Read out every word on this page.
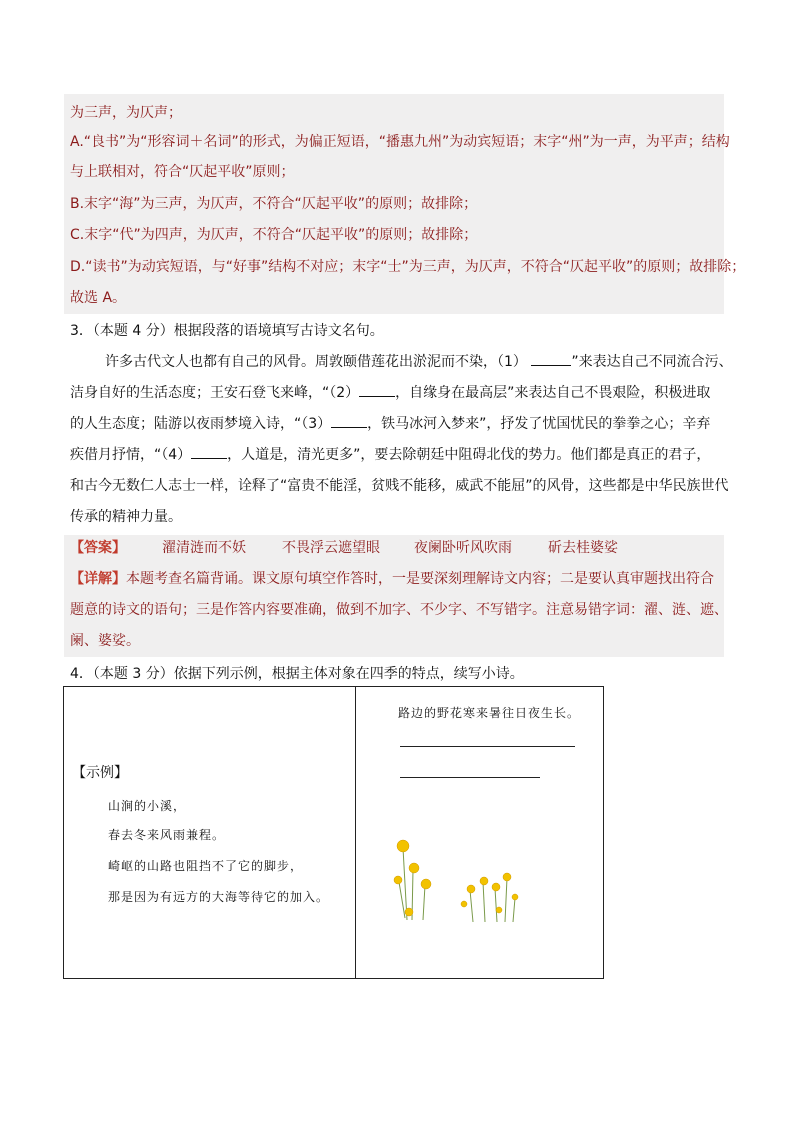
为三声，为仄声；
A.“良书”为“形容词＋名词”的形式，为偏正短语，“播惠九州”为动宾短语；末字“州”为一声，为平声；结构
与上联相对，符合“仄起平收”原则；
B.末字“海”为三声，为仄声，不符合“仄起平收”的原则；故排除；
C.末字“代”为四声，为仄声，不符合“仄起平收”的原则；故排除；
D.“读书”为动宾短语，与“好事”结构不对应；末字“士”为三声，为仄声，不符合“仄起平收”的原则；故排除；
故选 A。
3．（本题 4 分）根据段落的语境填写古诗文名句。
许多古代文人也都有自己的风骨。周敦颐借莲花出淤泥而不染，（1）	”来表达自己不同流合污、
洁身自好的生活态度；王安石登飞来峰，“（2）	，自缘身在最高层”来表达自己不畏艰险，积极进取
的人生态度；陆游以夜雨梦境入诗，“（3）	，铁马冰河入梦来”，抒发了忧国忧民的拳拳之心；辛弃
疾借月抒情，“（4）	，人道是，清光更多”，要去除朝廷中阻碍北伐的势力。他们都是真正的君子，
和古今无数仁人志士一样，诠释了“富贵不能淫，贫贱不能移，威武不能屈”的风骨，这些都是中华民族世代
传承的精神力量。
【答案】	濯清涟而不妖	不畏浮云遮望眼 夜阑卧听风吹雨	斫去桂婆娑
【详解】本题考查名篇背诵。课文原句填空作答时，一是要深刻理解诗文内容；二是要认真审题找出符合
题意的诗文的语句；三是作答内容要准确，做到不加字、不少字、不写错字。注意易错字词：濯、涟、遮、
阑、婆娑。
4．（本题 3 分）依据下列示例，根据主体对象在四季的特点，续写小诗。
【示例】
山涧的小溪，
春去冬来风雨兼程。
崎岖的山路也阻挡不了它的脚步，
那是因为有远方的大海等待它的加入。
路边的野花寒来暑往日夜生长。
